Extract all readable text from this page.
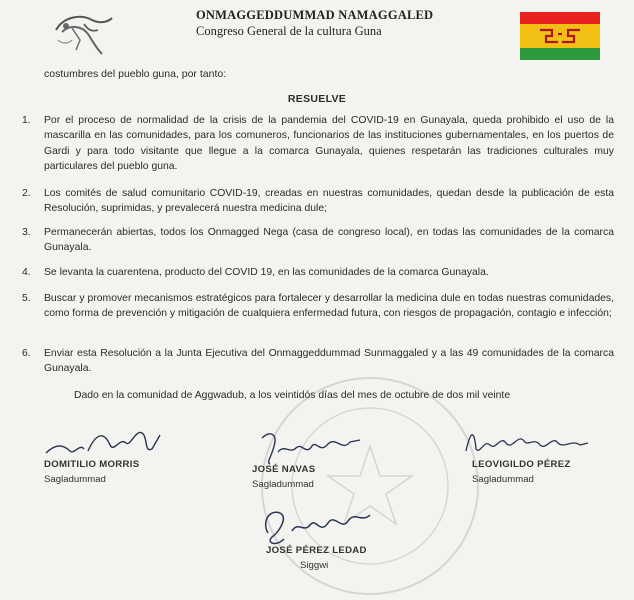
ONMAGGEDDUMMAD NAMAGGALED
Congreso General de la cultura Guna
costumbres del pueblo guna, por tanto:
RESUELVE
1.	Por el proceso de normalidad de la crisis de la pandemia del COVID-19 en Gunayala, queda prohibido el uso de la mascarilla en las comunidades, para los comuneros, funcionarios de las instituciones gubernamentales, en los puertos de Gardi y para todo visitante que llegue a la comarca Gunayala, quienes respetarán las tradiciones culturales muy particulares del pueblo guna.
2.	Los comités de salud comunitario COVID-19, creadas en nuestras comunidades, quedan desde la publicación de esta Resolución, suprimidas, y prevalecerá nuestra medicina dule;
3.	Permanecerán abiertas, todos los Onmagged Nega (casa de congreso local), en todas las comunidades de la comarca Gunayala.
4.	Se levanta la cuarentena, producto del COVID 19, en las comunidades de la comarca Gunayala.
5.	Buscar y promover mecanismos estratégicos para fortalecer y desarrollar la medicina dule en todas nuestras comunidades, como forma de prevención y mitigación de cualquiera enfermedad futura, con riesgos de propagación, contagio e infección;
6.	Enviar esta Resolución a la Junta Ejecutiva del Onmaggeddummad Sunmaggaled y a las 49 comunidades de la comarca Gunayala.
Dado en la comunidad de Aggwadub, a los veintidós días del mes de octubre de dos mil veinte
DOMITILIO MORRIS
Sagladummad
JOSÉ NAVAS
Sagladummad
LEOVIGILDO PÉREZ
Sagladummad
JOSÉ PÉREZ LEDAD
Siggwi
